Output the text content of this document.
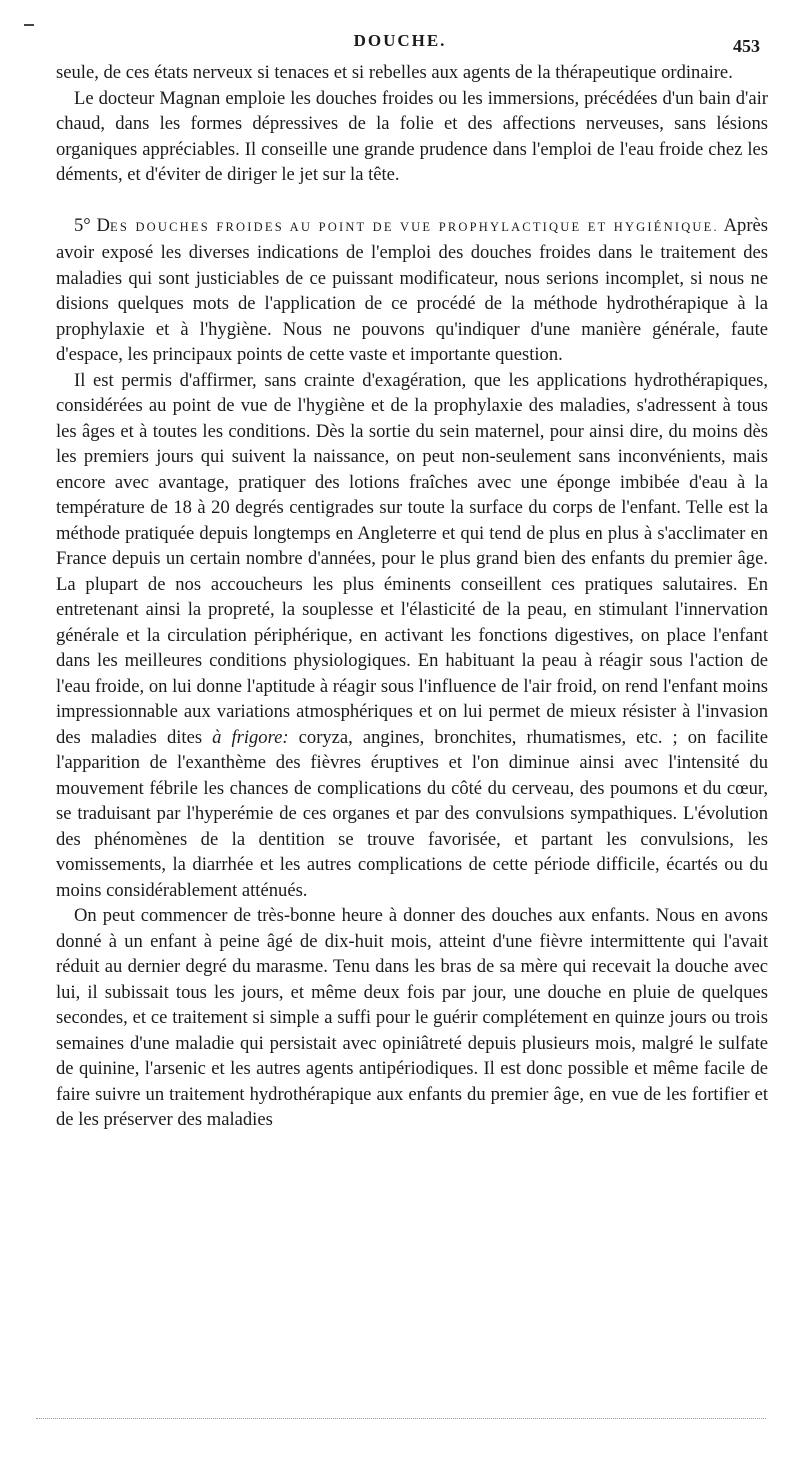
DOUCHE.	453

seule, de ces états nerveux si tenaces et si rebelles aux agents de la thérapeutique ordinaire.

Le docteur Magnan emploie les douches froides ou les immersions, précédées d'un bain d'air chaud, dans les formes dépressives de la folie et des affections nerveuses, sans lésions organiques appréciables. Il conseille une grande prudence dans l'emploi de l'eau froide chez les déments, et d'éviter de diriger le jet sur la tête.

5° DES DOUCHES FROIDES AU POINT DE VUE PROPHYLACTIQUE ET HYGIÉNIQUE. Après avoir exposé les diverses indications de l'emploi des douches froides dans le traitement des maladies qui sont justiciables de ce puissant modificateur, nous serions incomplet, si nous ne disions quelques mots de l'application de ce procédé de la méthode hydrothérapique à la prophylaxie et à l'hygiène. Nous ne pouvons qu'indiquer d'une manière générale, faute d'espace, les principaux points de cette vaste et importante question.

Il est permis d'affirmer, sans crainte d'exagération, que les applications hydrothérapiques, considérées au point de vue de l'hygiène et de la prophylaxie des maladies, s'adressent à tous les âges et à toutes les conditions. Dès la sortie du sein maternel, pour ainsi dire, du moins dès les premiers jours qui suivent la naissance, on peut non-seulement sans inconvénients, mais encore avec avantage, pratiquer des lotions fraîches avec une éponge imbibée d'eau à la température de 18 à 20 degrés centigrades sur toute la surface du corps de l'enfant. Telle est la méthode pratiquée depuis longtemps en Angleterre et qui tend de plus en plus à s'acclimater en France depuis un certain nombre d'années, pour le plus grand bien des enfants du premier âge. La plupart de nos accoucheurs les plus éminents conseillent ces pratiques salutaires. En entretenant ainsi la propreté, la souplesse et l'élasticité de la peau, en stimulant l'innervation générale et la circulation périphérique, en activant les fonctions digestives, on place l'enfant dans les meilleures conditions physiologiques. En habituant la peau à réagir sous l'action de l'eau froide, on lui donne l'aptitude à réagir sous l'influence de l'air froid, on rend l'enfant moins impressionnable aux variations atmosphériques et on lui permet de mieux résister à l'invasion des maladies dites à frigore: coryza, angines, bronchites, rhumatismes, etc. ; on facilite l'apparition de l'exanthème des fièvres éruptives et l'on diminue ainsi avec l'intensité du mouvement fébrile les chances de complications du côté du cerveau, des poumons et du cœur, se traduisant par l'hyperémie de ces organes et par des convulsions sympathiques. L'évolution des phénomènes de la dentition se trouve favorisée, et partant les convulsions, les vomissements, la diarrhée et les autres complications de cette période difficile, écartés ou du moins considérablement atténués.

On peut commencer de très-bonne heure à donner des douches aux enfants. Nous en avons donné à un enfant à peine âgé de dix-huit mois, atteint d'une fièvre intermittente qui l'avait réduit au dernier degré du marasme. Tenu dans les bras de sa mère qui recevait la douche avec lui, il subissait tous les jours, et même deux fois par jour, une douche en pluie de quelques secondes, et ce traitement si simple a suffi pour le guérir complétement en quinze jours ou trois semaines d'une maladie qui persistait avec opiniâtreté depuis plusieurs mois, malgré le sulfate de quinine, l'arsenic et les autres agents antipériodiques. Il est donc possible et même facile de faire suivre un traitement hydrothérapique aux enfants du premier âge, en vue de les fortifier et de les préserver des maladies
